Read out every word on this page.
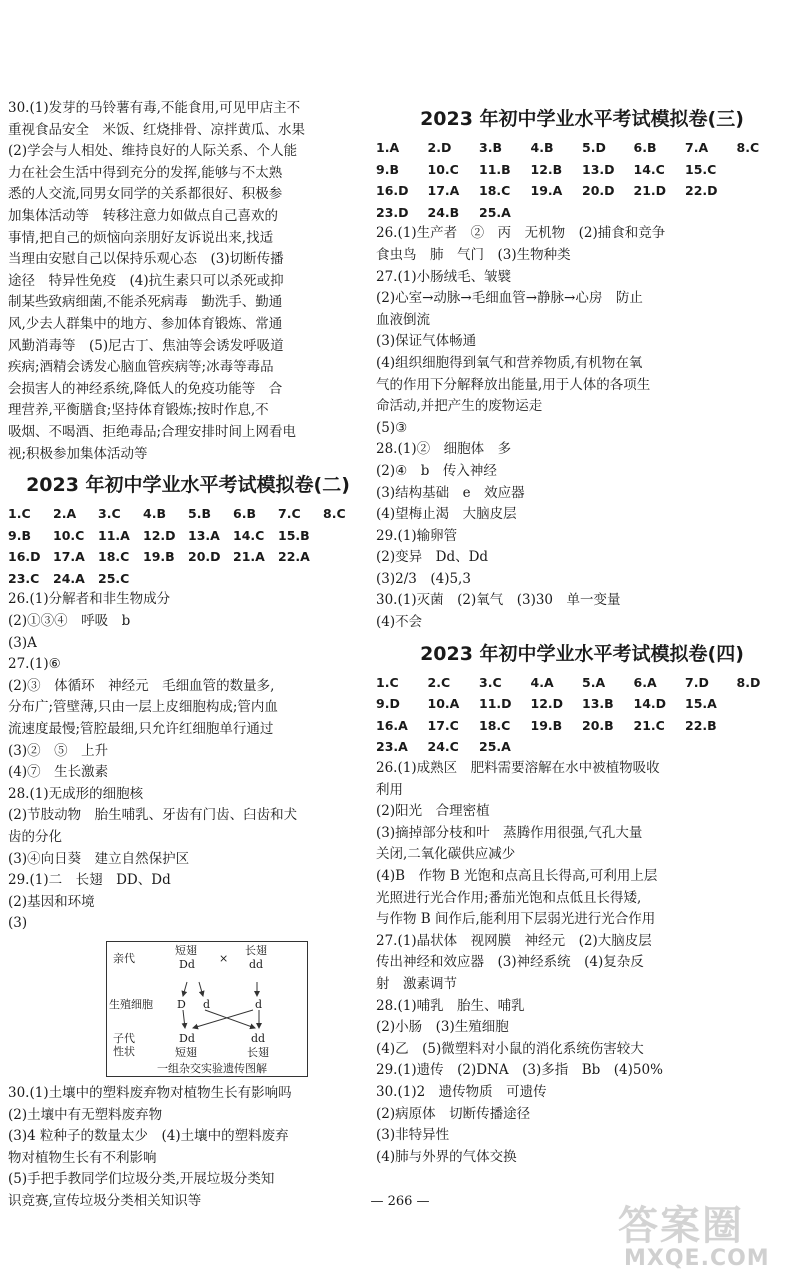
30.(1)发芽的马铃薯有毒,不能食用,可见甲店主不
重视食品安全　米饭、红烧排骨、凉拌黄瓜、水果
(2)学会与人相处、维持良好的人际关系、个人能
力在社会生活中得到充分的发挥,能够与不太熟
悉的人交流,同男女同学的关系都很好、积极参
加集体活动等　转移注意力如做点自己喜欢的
事情,把自己的烦恼向亲朋好友诉说出来,找适
当理由安慰自己以保持乐观心态　(3)切断传播
途径　特异性免疫　(4)抗生素只可以杀死或抑
制某些致病细菌,不能杀死病毒　勤洗手、勤通
风,少去人群集中的地方、参加体育锻炼、常通
风勤消毒等　(5)尼古丁、焦油等会诱发呼吸道
疾病;酒精会诱发心脑血管疾病等;冰毒等毒品
会损害人的神经系统,降低人的免疫功能等　合
理营养,平衡膳食;坚持体育锻炼;按时作息,不
吸烟、不喝酒、拒绝毒品;合理安排时间上网看电
视;积极参加集体活动等
2023 年初中学业水平考试模拟卷(二)
1.C	2.A	3.C	4.B	5.B	6.B	7.C	8.C
9.B	10.C	11.A	12.D 13.A	14.C	15.B
16.D 17.A	18.C	19.B	20.D 21.A	22.A
23.C	24.A	25.C
26.(1)分解者和非生物成分
(2)①③④　呼吸　b
(3)A
27.(1)⑥
(2)③　体循环　神经元　毛细血管的数量多,
分布广;管壁薄,只由一层上皮细胞构成;管内血
流速度最慢;管腔最细,只允许红细胞单行通过
(3)②　⑤　上升
(4)⑦　生长激素
28.(1)无成形的细胞核
(2)节肢动物　胎生哺乳、牙齿有门齿、臼齿和犬
齿的分化
(3)④向日葵　建立自然保护区
29.(1)二　长翅　DD、Dd
(2)基因和环境
(3)
亲代
短翅
Dd ×
长翅
dd
生殖细胞 D d	d
子代
性状
Dd
短翅
dd
长翅
一组杂交实验遗传图解
30.(1)土壤中的塑料废弃物对植物生长有影响吗
(2)土壤中有无塑料废弃物
(3)4 粒种子的数量太少　(4)土壤中的塑料废弃
物对植物生长有不利影响
(5)手把手教同学们垃圾分类,开展垃圾分类知
识竞赛,宣传垃圾分类相关知识等
2023 年初中学业水平考试模拟卷(三)
1.A	2.D	3.B	4.B	5.D	6.B	7.A	8.C
9.B	10.C	11.B	12.B	13.D	14.C	15.C
16.D	17.A	18.C	19.A	20.D	21.D	22.D
23.D	24.B	25.A
26.(1)生产者　②　丙　无机物　(2)捕食和竞争
食虫鸟　肺　气门　(3)生物种类
27.(1)小肠绒毛、皱襞
(2)心室→动脉→毛细血管→静脉→心房　防止
血液倒流
(3)保证气体畅通
(4)组织细胞得到氧气和营养物质,有机物在氧
气的作用下分解释放出能量,用于人体的各项生
命活动,并把产生的废物运走
(5)③
28.(1)②　细胞体　多
(2)④　b　传入神经
(3)结构基础　e　效应器
(4)望梅止渴　大脑皮层
29.(1)输卵管
(2)变异　Dd、Dd
(3)2/3　(4)5,3
30.(1)灭菌　(2)氧气　(3)30　单一变量
(4)不会
2023 年初中学业水平考试模拟卷(四)
1.C	2.C	3.C	4.A	5.A	6.A	7.D	8.D
9.D	10.A	11.D	12.D	13.B	14.D	15.A
16.A	17.C	18.C	19.B	20.B	21.C	22.B
23.A	24.C	25.A
26.(1)成熟区　肥料需要溶解在水中被植物吸收
利用
(2)阳光　合理密植
(3)摘掉部分枝和叶　蒸腾作用很强,气孔大量
关闭,二氧化碳供应减少
(4)B　作物 B 光饱和点高且长得高,可利用上层
光照进行光合作用;番茄光饱和点低且长得矮,
与作物 B 间作后,能利用下层弱光进行光合作用
27.(1)晶状体　视网膜　神经元　(2)大脑皮层
传出神经和效应器　(3)神经系统　(4)复杂反
射　激素调节
28.(1)哺乳　胎生、哺乳
(2)小肠　(3)生殖细胞
(4)乙　(5)微塑料对小鼠的消化系统伤害较大
29.(1)遗传　(2)DNA　(3)多指　Bb　(4)50%
30.(1)2　遗传物质　可遗传
(2)病原体　切断传播途径
(3)非特异性
(4)肺与外界的气体交换
— 266 —
答案圈
MXQE.COM
